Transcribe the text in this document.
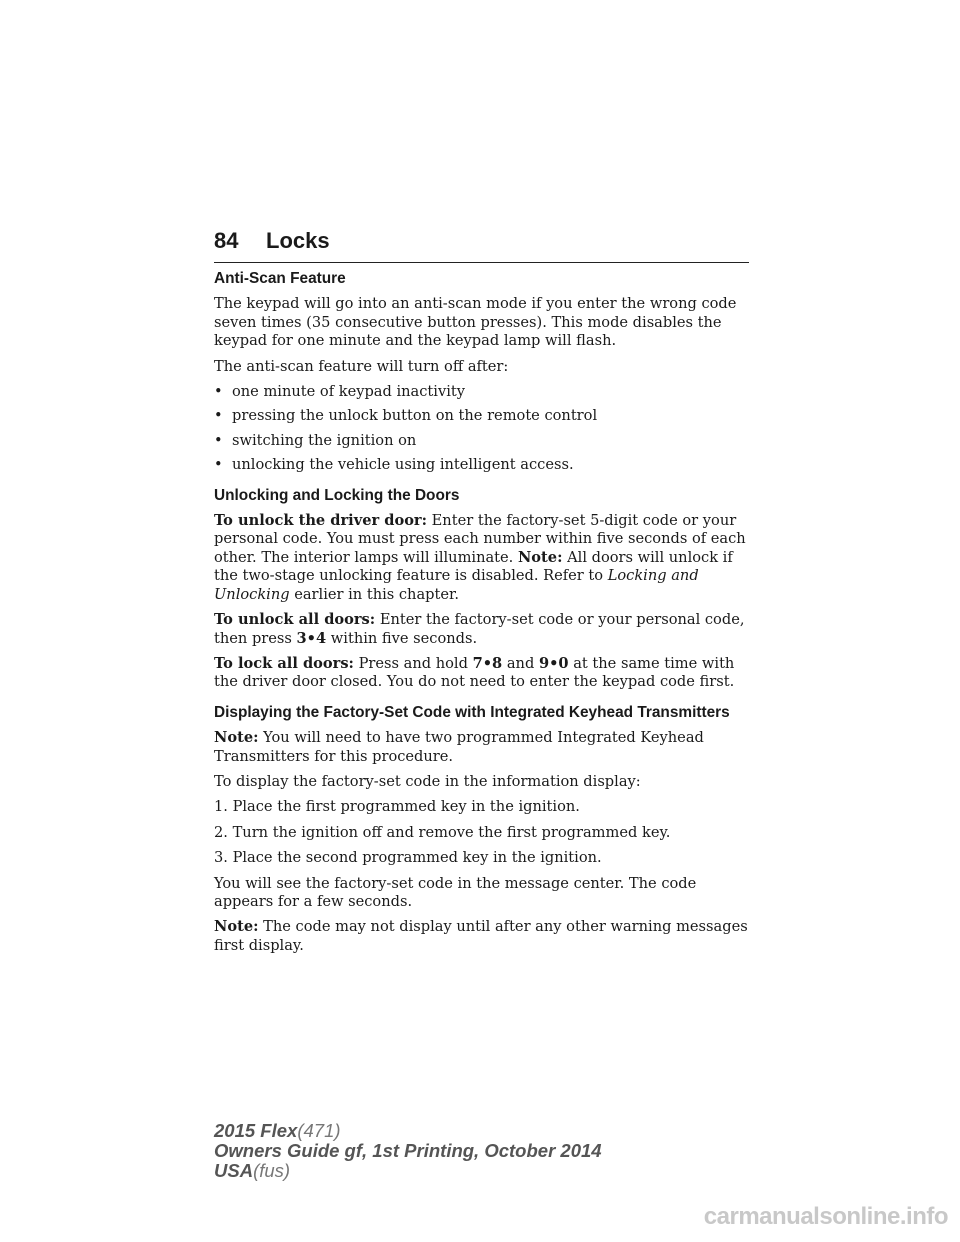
84 Locks
Anti-Scan Feature

The keypad will go into an anti-scan mode if you enter the wrong code seven times (35 consecutive button presses). This mode disables the keypad for one minute and the keypad lamp will flash.

The anti-scan feature will turn off after:

• one minute of keypad inactivity
• pressing the unlock button on the remote control
• switching the ignition on
• unlocking the vehicle using intelligent access.
Unlocking and Locking the Doors

To unlock the driver door: Enter the factory-set 5-digit code or your personal code. You must press each number within five seconds of each other. The interior lamps will illuminate. Note: All doors will unlock if the two-stage unlocking feature is disabled. Refer to Locking and Unlocking earlier in this chapter.

To unlock all doors: Enter the factory-set code or your personal code, then press 3•4 within five seconds.

To lock all doors: Press and hold 7•8 and 9•0 at the same time with the driver door closed. You do not need to enter the keypad code first.

Displaying the Factory-Set Code with Integrated Keyhead Transmitters

Note: You will need to have two programmed Integrated Keyhead Transmitters for this procedure.

To display the factory-set code in the information display:

1. Place the first programmed key in the ignition.

2. Turn the ignition off and remove the first programmed key.

3. Place the second programmed key in the ignition.

You will see the factory-set code in the message center. The code appears for a few seconds.

Note: The code may not display until after any other warning messages first display.

2015 Flex(471)
Owners Guide gf, 1st Printing, October 2014
USA(fus)
carmanualsonline.info
